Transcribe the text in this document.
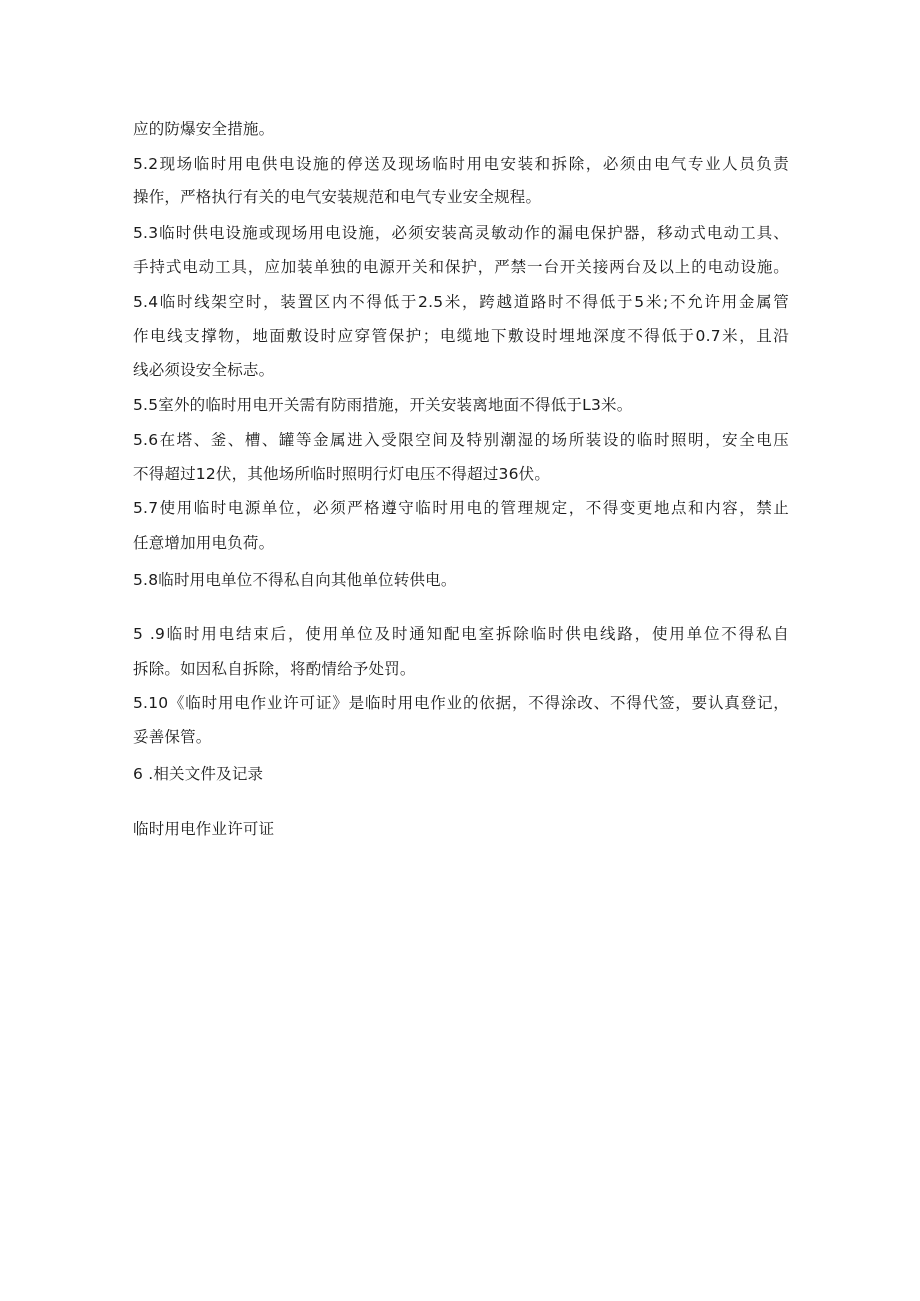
应的防爆安全措施。
5.2现场临时用电供电设施的停送及现场临时用电安装和拆除，必须由电气专业人员负责
操作，严格执行有关的电气安装规范和电气专业安全规程。
5.3临时供电设施或现场用电设施，必须安装高灵敏动作的漏电保护器，移动式电动工具、
手持式电动工具，应加装单独的电源开关和保护，严禁一台开关接两台及以上的电动设施。
5.4临时线架空时，装置区内不得低于2.5米，跨越道路时不得低于5米;不允许用金属管
作电线支撑物，地面敷设时应穿管保护；电缆地下敷设时埋地深度不得低于0.7米，且沿
线必须设安全标志。
5.5室外的临时用电开关需有防雨措施，开关安装离地面不得低于L3米。
5.6在塔、釜、槽、罐等金属进入受限空间及特别潮湿的场所装设的临时照明，安全电压
不得超过12伏，其他场所临时照明行灯电压不得超过36伏。
5.7使用临时电源单位，必须严格遵守临时用电的管理规定，不得变更地点和内容，禁止
任意增加用电负荷。
5.8临时用电单位不得私自向其他单位转供电。
5 .9临时用电结束后，使用单位及时通知配电室拆除临时供电线路，使用单位不得私自
拆除。如因私自拆除，将酌情给予处罚。
5.10《临时用电作业许可证》是临时用电作业的依据，不得涂改、不得代签，要认真登记，
妥善保管。
6 .相关文件及记录
临时用电作业许可证
